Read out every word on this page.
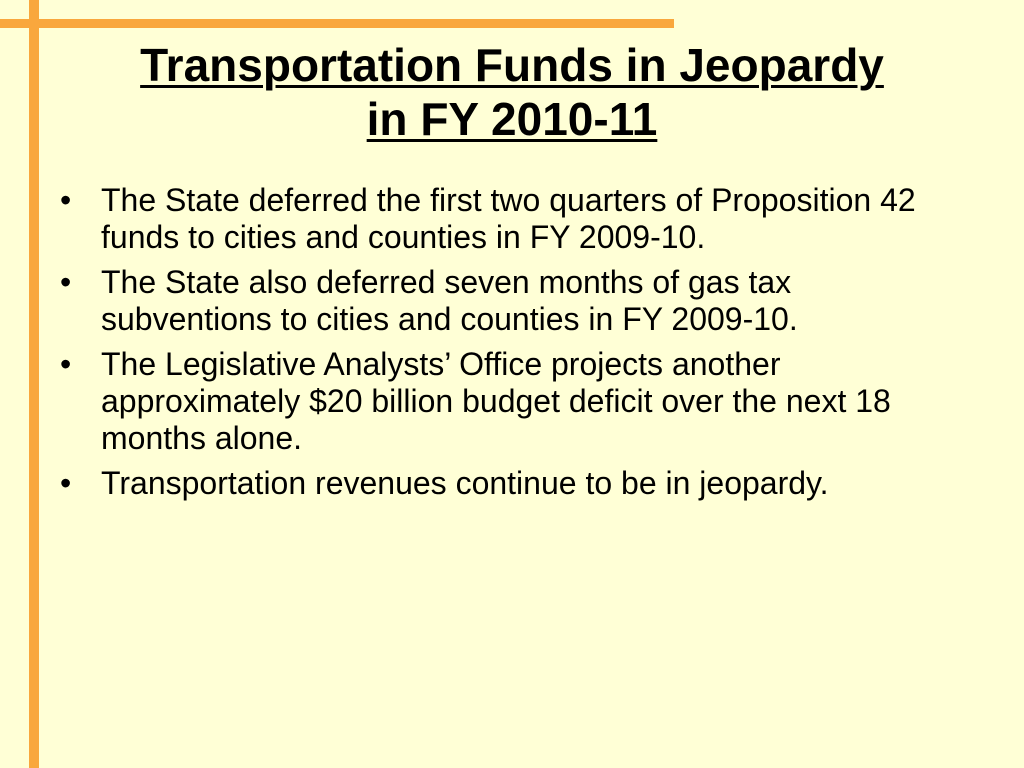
Transportation Funds in Jeopardy
in FY 2010-11
• The State deferred the first two quarters of Proposition 42 funds to cities and counties in FY 2009-10.
• The State also deferred seven months of gas tax subventions to cities and counties in FY 2009-10.
• The Legislative Analysts’ Office projects another approximately $20 billion budget deficit over the next 18 months alone.
• Transportation revenues continue to be in jeopardy.
